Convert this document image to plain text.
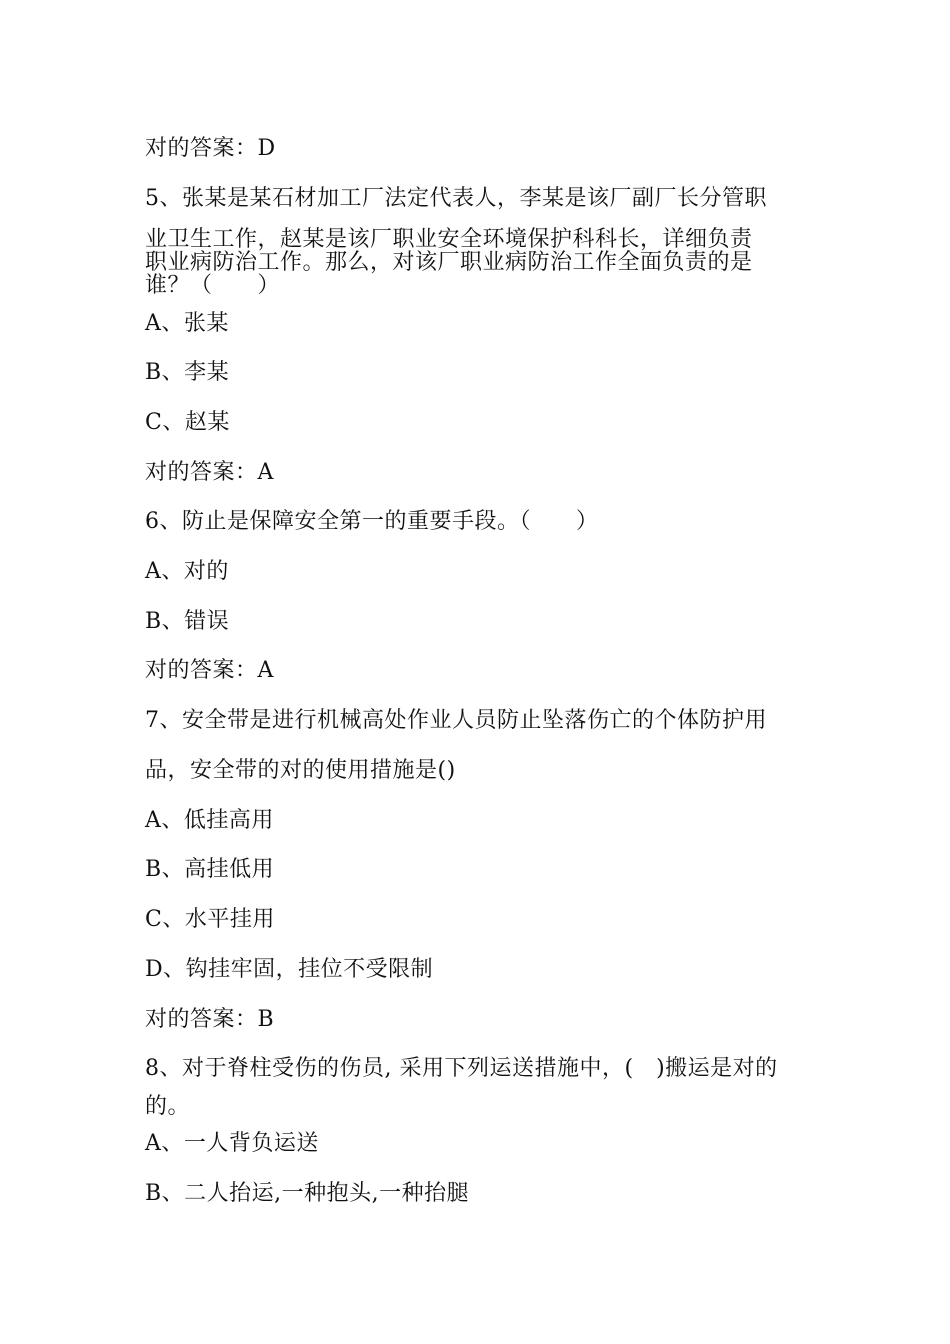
对的答案：D
5、张某是某石材加工厂法定代表人，李某是该厂副厂长分管职
业卫生工作，赵某是该厂职业安全环境保护科科长，详细负责
职业病防治工作。那么，对该厂职业病防治工作全面负责的是
谁？（　　）
A、张某
B、李某
C、赵某
对的答案：A
6、防止是保障安全第一的重要手段。（　　）
A、对的
B、错误
对的答案：A
7、安全带是进行机械高处作业人员防止坠落伤亡的个体防护用
品，安全带的对的使用措施是()
A、低挂高用
B、高挂低用
C、水平挂用
D、钩挂牢固，挂位不受限制
对的答案：B
8、对于脊柱受伤的伤员, 采用下列运送措施中，(　)搬运是对的
的。
A、一人背负运送
B、二人抬运,一种抱头,一种抬腿
